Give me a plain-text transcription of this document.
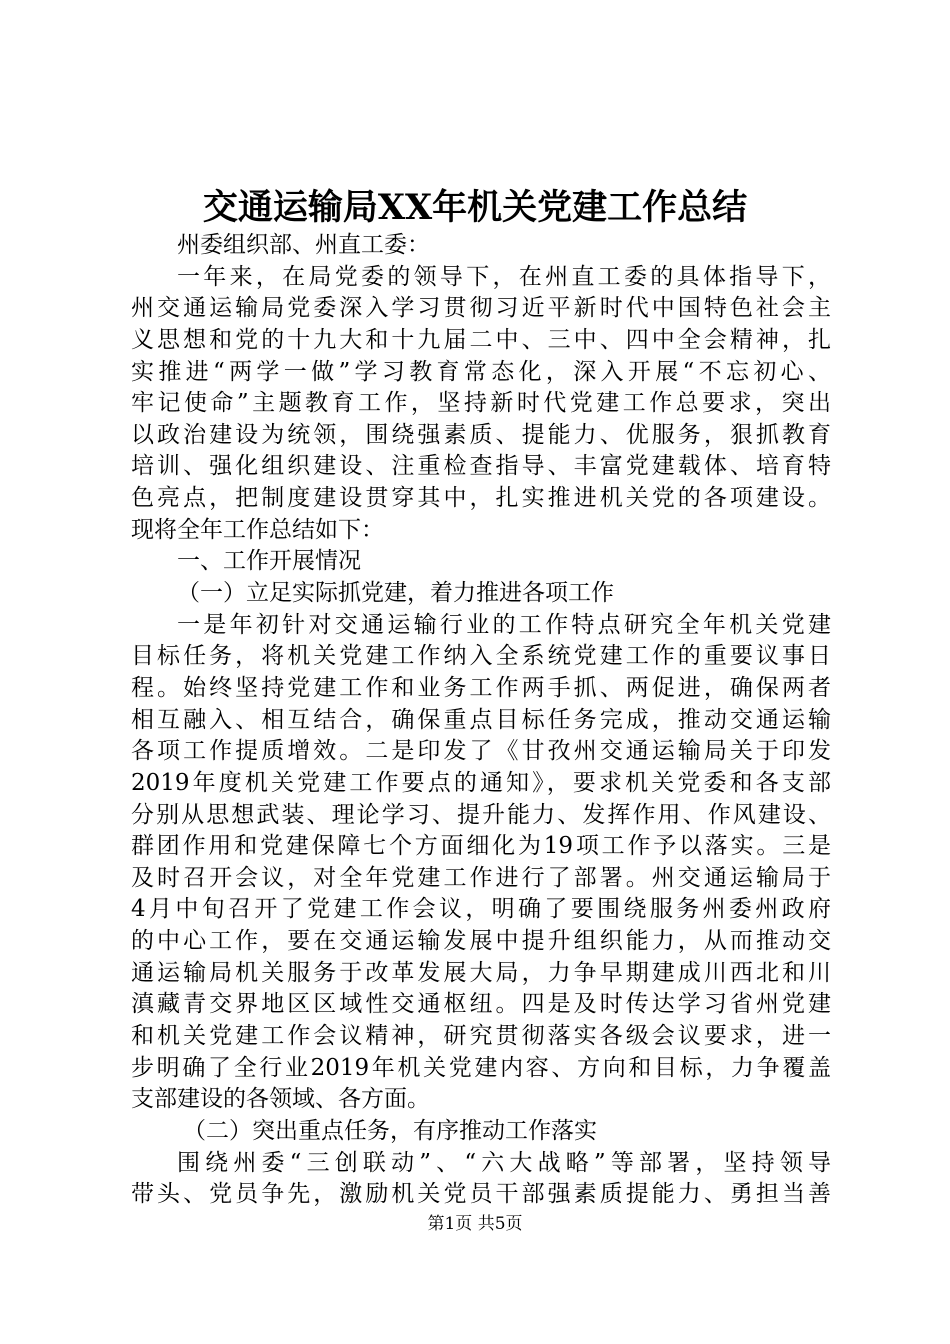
交通运输局XX年机关党建工作总结
州委组织部、州直工委：
一年来，在局党委的领导下，在州直工委的具体指导下，
州交通运输局党委深入学习贯彻习近平新时代中国特色社会主
义思想和党的十九大和十九届二中、三中、四中全会精神，扎
实推进“两学一做”学习教育常态化，深入开展“不忘初心、
牢记使命”主题教育工作，坚持新时代党建工作总要求，突出
以政治建设为统领，围绕强素质、提能力、优服务，狠抓教育
培训、强化组织建设、注重检查指导、丰富党建载体、培育特
色亮点，把制度建设贯穿其中，扎实推进机关党的各项建设。
现将全年工作总结如下：
一、工作开展情况
（一）立足实际抓党建，着力推进各项工作
一是年初针对交通运输行业的工作特点研究全年机关党建
目标任务，将机关党建工作纳入全系统党建工作的重要议事日
程。始终坚持党建工作和业务工作两手抓、两促进，确保两者
相互融入、相互结合，确保重点目标任务完成，推动交通运输
各项工作提质增效。二是印发了《甘孜州交通运输局关于印发
2019年度机关党建工作要点的通知》，要求机关党委和各支部
分别从思想武装、理论学习、提升能力、发挥作用、作风建设、
群团作用和党建保障七个方面细化为19项工作予以落实。三是
及时召开会议，对全年党建工作进行了部署。州交通运输局于
4月中旬召开了党建工作会议，明确了要围绕服务州委州政府
的中心工作，要在交通运输发展中提升组织能力，从而推动交
通运输局机关服务于改革发展大局，力争早期建成川西北和川
滇藏青交界地区区域性交通枢纽。四是及时传达学习省州党建
和机关党建工作会议精神，研究贯彻落实各级会议要求，进一
步明确了全行业2019年机关党建内容、方向和目标，力争覆盖
支部建设的各领域、各方面。
（二）突出重点任务，有序推动工作落实
围绕州委“三创联动”、“六大战略”等部署，坚持领导
带头、党员争先，激励机关党员干部强素质提能力、勇担当善
第1页 共5页
